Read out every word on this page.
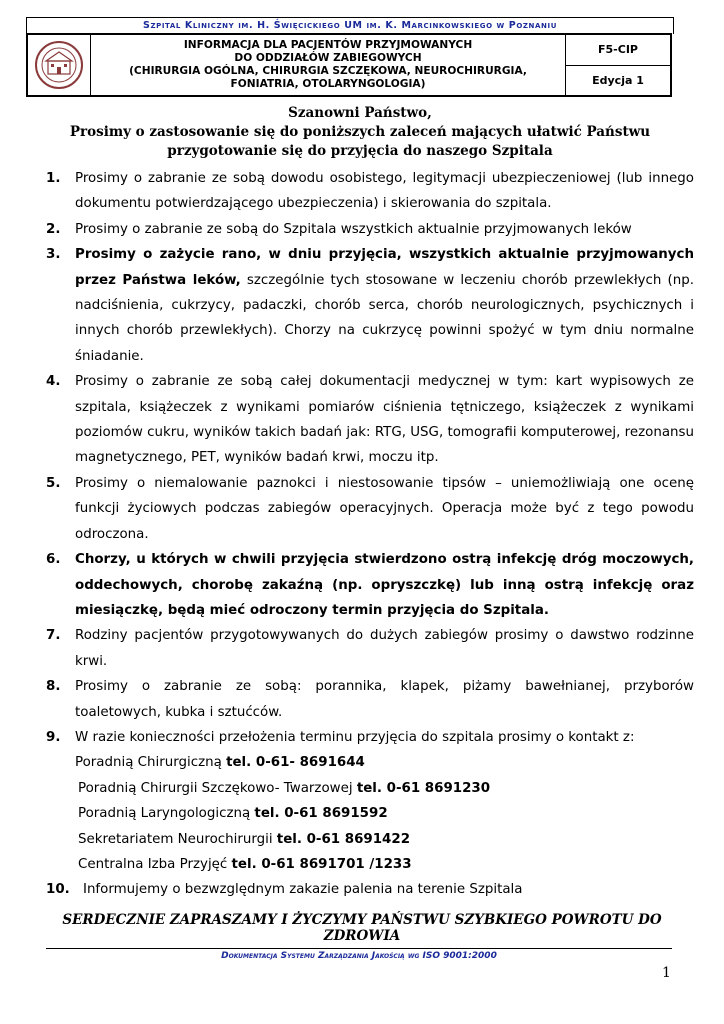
Szpital Kliniczny im. H. Święcickiego UM im. K. Marcinkowskiego w Poznaniu
INFORMACJA DLA PACJENTÓW PRZYJMOWANYCH
DO ODDZIAŁÓW ZABIEGOWYCH
(CHIRURGIA OGÓLNA, CHIRURGIA SZCZĘKOWA, NEUROCHIRURGIA,
FONIATRIA, OTOLARYNGOLOGIA)
F5-CIP
Edycja 1
Szanowni Państwo,
Prosimy o zastosowanie się do poniższych zaleceń mających ułatwić Państwu
przygotowanie się do przyjęcia do naszego Szpitala
1.	Prosimy o zabranie ze sobą dowodu osobistego, legitymacji ubezpieczeniowej (lub innego dokumentu potwierdzającego ubezpieczenia) i skierowania do szpitala.
2.	Prosimy o zabranie ze sobą do Szpitala wszystkich aktualnie przyjmowanych leków
3.	Prosimy o zażycie rano, w dniu przyjęcia, wszystkich aktualnie przyjmowanych przez Państwa leków, szczególnie tych stosowane w leczeniu chorób przewlekłych (np. nadciśnienia, cukrzycy, padaczki, chorób serca, chorób neurologicznych, psychicznych i innych chorób przewlekłych). Chorzy na cukrzycę powinni spożyć w tym dniu normalne śniadanie.
4.	Prosimy o zabranie ze sobą całej dokumentacji medycznej w tym: kart wypisowych ze szpitala, książeczek z wynikami pomiarów ciśnienia tętniczego, książeczek z wynikami poziomów cukru, wyników takich badań jak: RTG, USG, tomografii komputerowej, rezonansu magnetycznego, PET, wyników badań krwi, moczu itp.
5.	Prosimy o niemalowanie paznokci i niestosowanie tipsów – uniemożliwiają one ocenę funkcji życiowych podczas zabiegów operacyjnych. Operacja może być z tego powodu odroczona.
6.	Chorzy, u których w chwili przyjęcia stwierdzono ostrą infekcję dróg moczowych, oddechowych, chorobę zakaźną (np. opryszczkę) lub inną ostrą infekcję oraz miesiączkę, będą mieć odroczony termin przyjęcia do Szpitala.
7.	Rodziny pacjentów przygotowywanych do dużych zabiegów prosimy o dawstwo rodzinne krwi.
8.	Prosimy o zabranie ze sobą: porannika, klapek, piżamy bawełnianej, przyborów toaletowych, kubka i sztućców.
9.	W razie konieczności przełożenia terminu przyjęcia do szpitala prosimy o kontakt z:
Poradnią Chirurgiczną tel. 0-61- 8691644
Poradnią Chirurgii Szczękowo- Twarzowej tel. 0-61 8691230
Poradnią Laryngologiczną tel. 0-61 8691592
Sekretariatem Neurochirurgii tel. 0-61 8691422
Centralna Izba Przyjęć tel. 0-61 8691701 /1233
10. Informujemy o bezwzględnym zakazie palenia na terenie Szpitala
SERDECZNIE ZAPRASZAMY I ŻYCZYMY PAŃSTWU SZYBKIEGO POWROTU DO ZDROWIA
Dokumentacja Systemu Zarządzania Jakością wg ISO 9001:2000
1
